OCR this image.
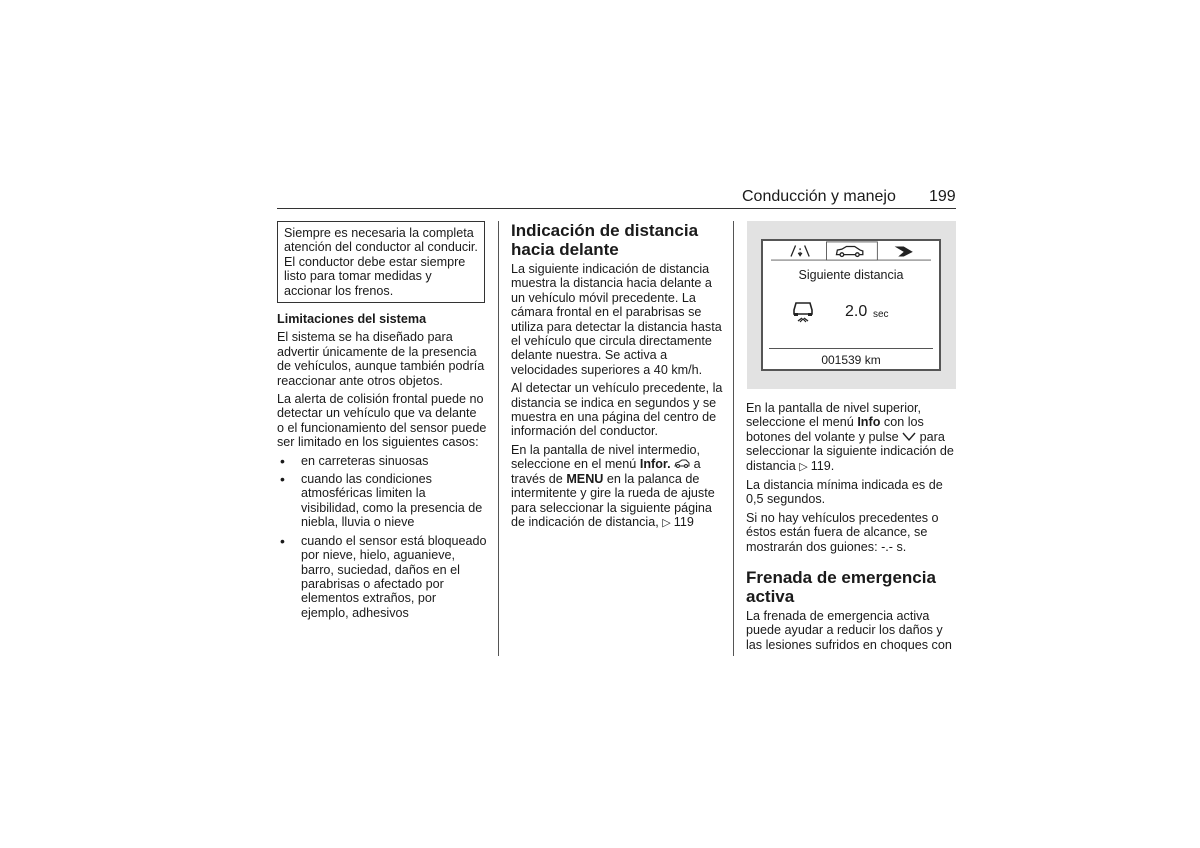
Conducción y manejo 199

Siempre es necesaria la completa atención del conductor al conducir. El conductor debe estar siempre listo para tomar medidas y accionar los frenos.

Limitaciones del sistema

El sistema se ha diseñado para advertir únicamente de la presencia de vehículos, aunque también podría reaccionar ante otros objetos.

La alerta de colisión frontal puede no detectar un vehículo que va delante o el funcionamiento del sensor puede ser limitado en los siguientes casos:

• en carreteras sinuosas
• cuando las condiciones atmosféricas limiten la visibilidad, como la presencia de niebla, lluvia o nieve
• cuando el sensor está bloqueado por nieve, hielo, aguanieve, barro, suciedad, daños en el parabrisas o afectado por elementos extraños, por ejemplo, adhesivos
Indicación de distancia hacia delante

La siguiente indicación de distancia muestra la distancia hacia delante a un vehículo móvil precedente. La cámara frontal en el parabrisas se utiliza para detectar la distancia hasta el vehículo que circula directamente delante nuestra. Se activa a velocidades superiores a 40 km/h.

Al detectar un vehículo precedente, la distancia se indica en segundos y se muestra en una página del centro de información del conductor.

En la pantalla de nivel intermedio, seleccione en el menú Infor.  a través de MENU en la palanca de intermitente y gire la rueda de ajuste para seleccionar la siguiente página de indicación de distancia, ▷ 119

Siguiente distancia
2.0 sec
001539 km

En la pantalla de nivel superior, seleccione el menú Info con los botones del volante y pulse  para seleccionar la siguiente indicación de distancia ▷ 119.

La distancia mínima indicada es de 0,5 segundos.

Si no hay vehículos precedentes o éstos están fuera de alcance, se mostrarán dos guiones: -.- s.

Frenada de emergencia activa

La frenada de emergencia activa puede ayudar a reducir los daños y las lesiones sufridos en choques con
